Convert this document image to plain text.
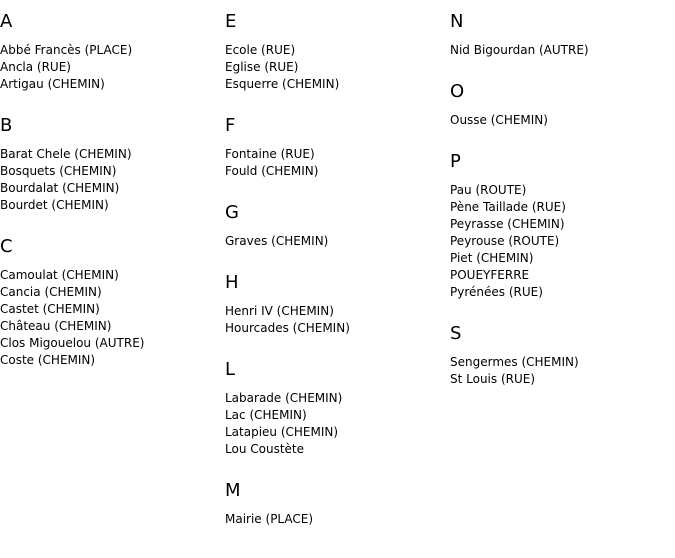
A
Abbé Francès (PLACE)
Ancla (RUE)
Artigau (CHEMIN)
B
Barat Chele (CHEMIN)
Bosquets (CHEMIN)
Bourdalat (CHEMIN)
Bourdet (CHEMIN)
C
Camoulat (CHEMIN)
Cancia (CHEMIN)
Castet (CHEMIN)
Château (CHEMIN)
Clos Migouelou (AUTRE)
Coste (CHEMIN)
E
Ecole (RUE)
Eglise (RUE)
Esquerre (CHEMIN)
F
Fontaine (RUE)
Fould (CHEMIN)
G
Graves (CHEMIN)
H
Henri IV (CHEMIN)
Hourcades (CHEMIN)
L
Labarade (CHEMIN)
Lac (CHEMIN)
Latapieu (CHEMIN)
Lou Coustète
M
Mairie (PLACE)
N
Nid Bigourdan (AUTRE)
O
Ousse (CHEMIN)
P
Pau (ROUTE)
Pène Taillade (RUE)
Peyrasse (CHEMIN)
Peyrouse (ROUTE)
Piet (CHEMIN)
POUEYFERRE
Pyrénées (RUE)
S
Sengermes (CHEMIN)
St Louis (RUE)
